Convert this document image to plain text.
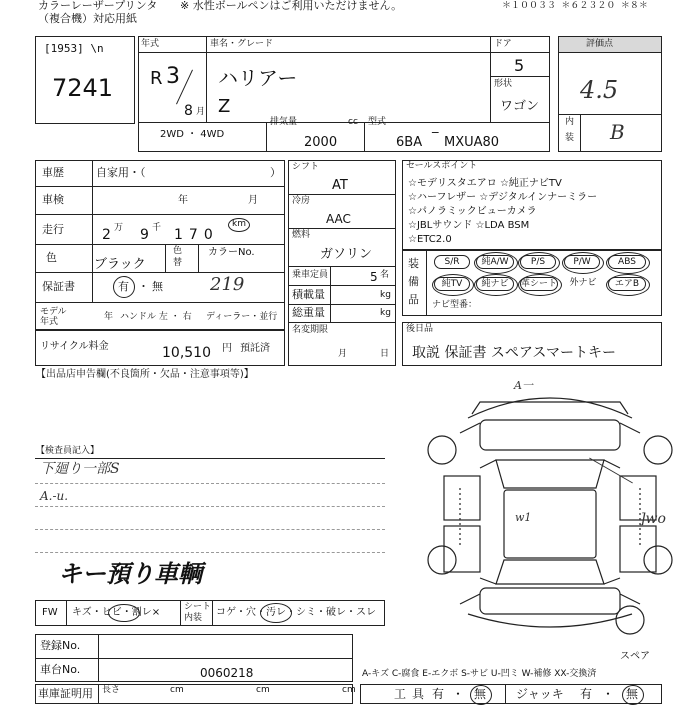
カラーレーザープリンタ
（複合機）対応用紙
※ 水性ボールペンはご利用いただけません。	＊１００３３ ＊６２３２０ ＊８＊
[1953] \n
7241
年式
R 3
8 月
車名・グレード
ハリアー
Z
ドア
5
形状
ワゴン
2WD ・ 4WD
排気量	cc
2000
型式
6BA ‾ MXUA80
評価点
4.5
内
装 B
車歴	自家用・（	）
車検	年	月
走行	2 万 9 千 170
km
色	ブラック
色
替
カラーNo.
保証書	有 ・ 無	219
モデル
年式	年 ハンドル 左 ・ 右 ディーラー・並行
シフト
AT
冷房
AAC
燃料
ガソリン
乗車定員	5 名
積載量	kg
総重量	kg
名変期限
月	日
セールスポイント
☆モデリスタエアロ ☆純正ナビTV
☆ハーフレザー ☆デジタルインナーミラー
☆パノラミックビューカメラ
☆JBLサウンド ☆LDA BSM
☆ETC2.0
装
備
品
S/R	純A/W	P/S	P/W	ABS
純TV	純ナビ	革シート	外ナビ	エアB
ナビ型番：
リサイクル料金	10,510 円 預託済
後日品
取説 保証書 スペアスマートキー
【出品店申告欄(不良箇所・欠品・注意事項等)】
【検査員記入】
下廻り一部S
A.-u.
キー預り車輌
A一
w1	]wo
スペア
FW キズ・ヒビ・割レ×	シート
内装 コゲ・穴・汚レ・シミ・破レ・スレ
登録No.
車台No.	0060218
車庫証明用 長さ	cm	cm	cm
A-キズ C-腐食 E-エクボ S-サビ U-凹ミ W-補修 XX-交換済
工具 有 ・ 無 ジャッキ 有 ・ 無
